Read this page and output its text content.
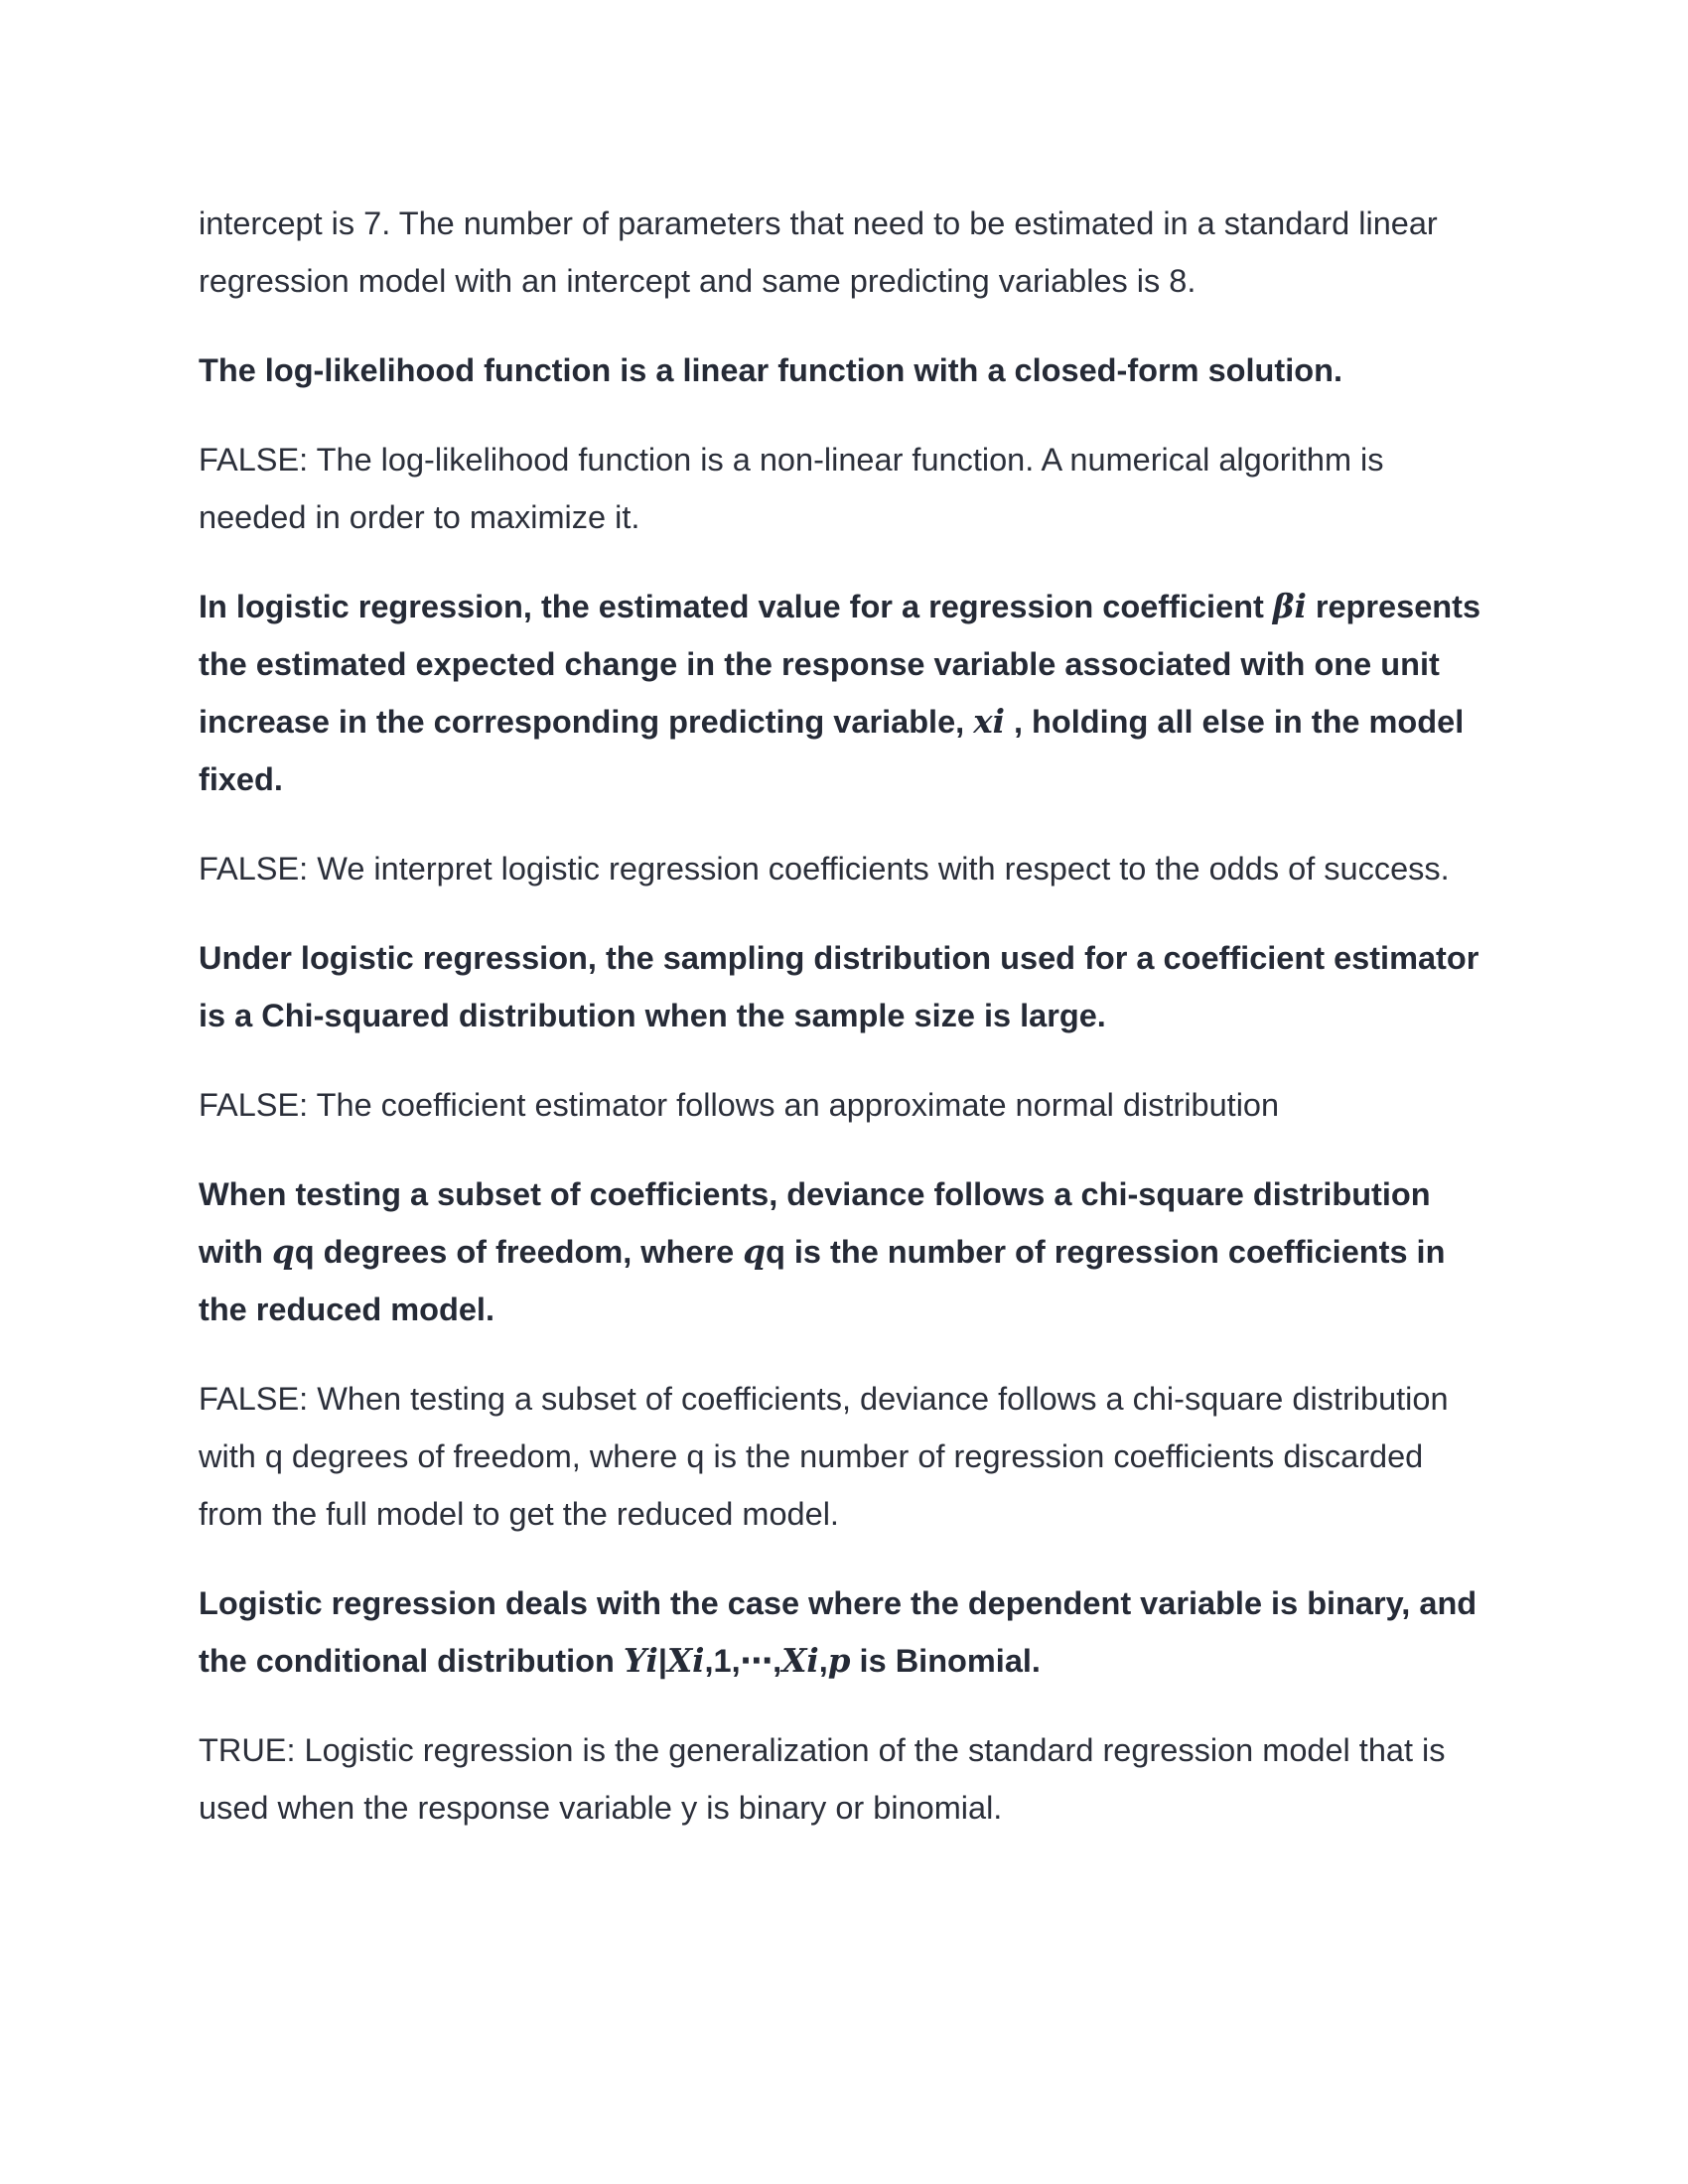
intercept is 7. The number of parameters that need to be estimated in a standard linear regression model with an intercept and same predicting variables is 8.

The log-likelihood function is a linear function with a closed-form solution.

FALSE: The log-likelihood function is a non-linear function. A numerical algorithm is needed in order to maximize it.

In logistic regression, the estimated value for a regression coefficient βi represents the estimated expected change in the response variable associated with one unit increase in the corresponding predicting variable, xi , holding all else in the model fixed.

FALSE: We interpret logistic regression coefficients with respect to the odds of success.

Under logistic regression, the sampling distribution used for a coefficient estimator is a Chi-squared distribution when the sample size is large.

FALSE: The coefficient estimator follows an approximate normal distribution

When testing a subset of coefficients, deviance follows a chi-square distribution with qq degrees of freedom, where qq is the number of regression coefficients in the reduced model.

FALSE: When testing a subset of coefficients, deviance follows a chi-square distribution with q degrees of freedom, where q is the number of regression coefficients discarded from the full model to get the reduced model.

Logistic regression deals with the case where the dependent variable is binary, and the conditional distribution Yi|Xi,1,⋯,Xi,p is Binomial.

TRUE: Logistic regression is the generalization of the standard regression model that is used when the response variable y is binary or binomial.
